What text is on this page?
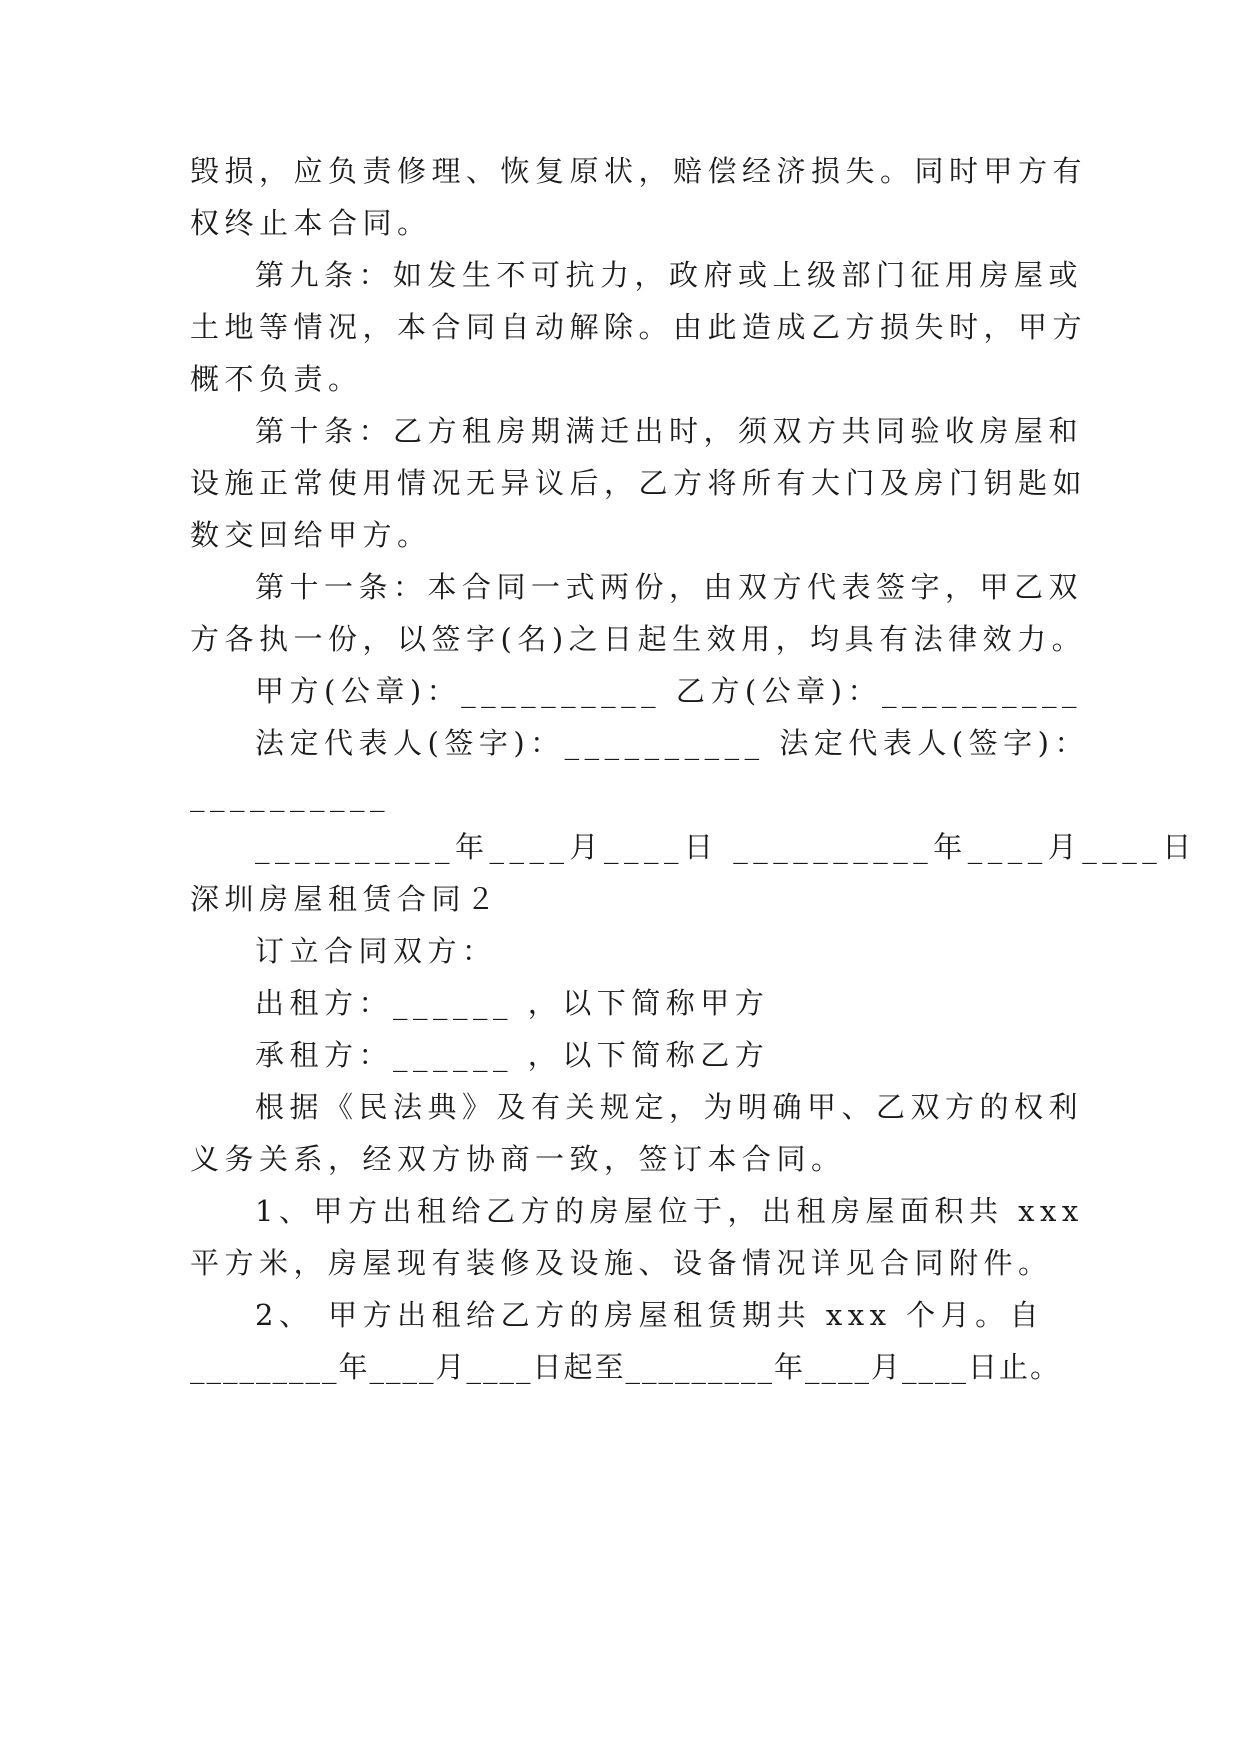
毁损，应负责修理、恢复原状，赔偿经济损失。同时甲方有
权终止本合同。
第九条：如发生不可抗力，政府或上级部门征用房屋或
土地等情况，本合同自动解除。由此造成乙方损失时，甲方
概不负责。
第十条：乙方租房期满迁出时，须双方共同验收房屋和
设施正常使用情况无异议后，乙方将所有大门及房门钥匙如
数交回给甲方。
第十一条：本合同一式两份，由双方代表签字，甲乙双
方各执一份，以签字(名)之日起生效用，均具有法律效力。
甲方(公章)：__________ 乙方(公章)：__________
法定代表人(签字)：__________ 法定代表人(签字)：
__________
__________年____月____日 __________年____月____日
深圳房屋租赁合同２
订立合同双方：
出租方：______ ，以下简称甲方
承租方：______ ，以下简称乙方
根据《民法典》及有关规定，为明确甲、乙双方的权利
义务关系，经双方协商一致，签订本合同。
1、甲方出租给乙方的房屋位于，出租房屋面积共 xxx
平方米，房屋现有装修及设施、设备情况详见合同附件。
2、 甲方出租给乙方的房屋租赁期共 xxx 个月。自
_________年____月____日起至_________年____月____日止。
